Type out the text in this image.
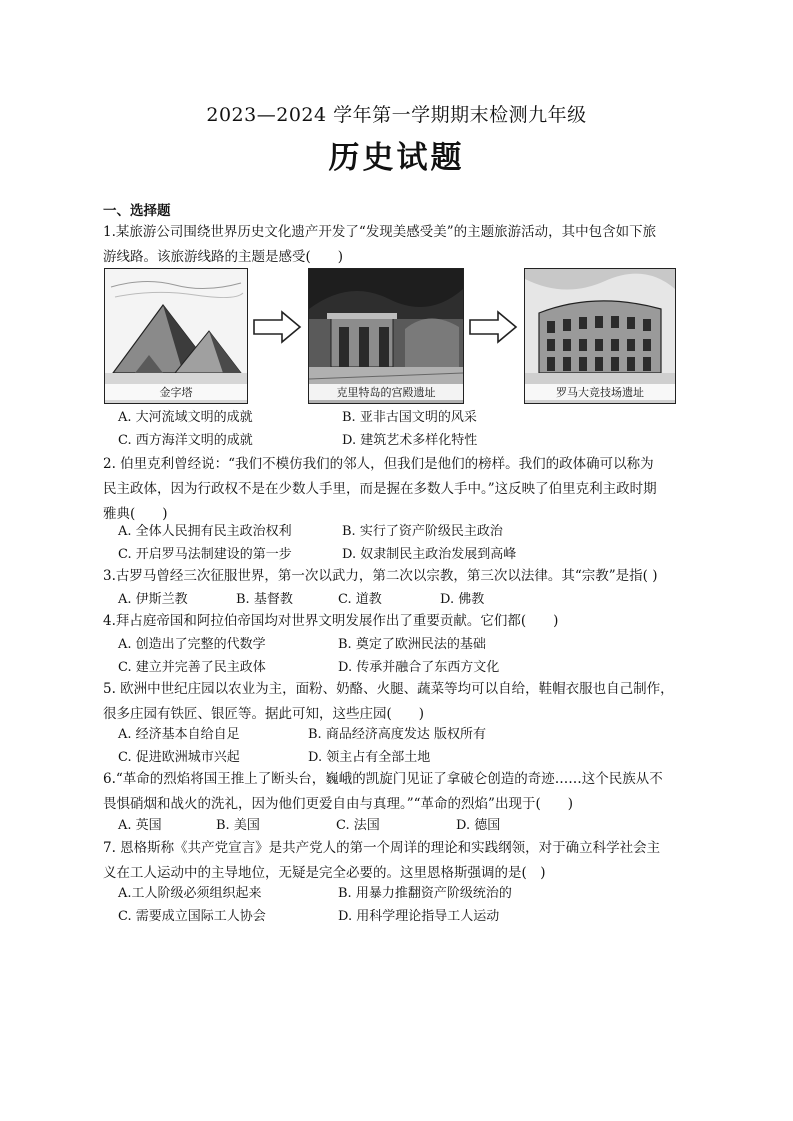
2023—2024 学年第一学期期末检测九年级
历史试题
一、选择题
1.某旅游公司围绕世界历史文化遗产开发了“发现美感受美”的主题旅游活动，其中包含如下旅
游线路。该旅游线路的主题是感受(　　)
金字塔	克里特岛的宫殿遗址	罗马大竞技场遗址
A. 大河流域文明的成就	B. 亚非古国文明的风采
C. 西方海洋文明的成就	D. 建筑艺术多样化特性
2. 伯里克利曾经说：“我们不模仿我们的邻人，但我们是他们的榜样。我们的政体确可以称为
民主政体，因为行政权不是在少数人手里，而是握在多数人手中。”这反映了伯里克利主政时期
雅典(　　)
A. 全体人民拥有民主政治权利	B. 实行了资产阶级民主政治
C. 开启罗马法制建设的第一步	D. 奴隶制民主政治发展到高峰
3.古罗马曾经三次征服世界，第一次以武力，第二次以宗教，第三次以法律。其“宗教”是指( )
A. 伊斯兰教	B. 基督教	C. 道教	D. 佛教
4.拜占庭帝国和阿拉伯帝国均对世界文明发展作出了重要贡献。它们都(　　)
A. 创造出了完整的代数学	B. 奠定了欧洲民法的基础
C. 建立并完善了民主政体	D. 传承并融合了东西方文化
5. 欧洲中世纪庄园以农业为主，面粉、奶酪、火腿、蔬菜等均可以自给，鞋帽衣服也自己制作，
很多庄园有铁匠、银匠等。据此可知，这些庄园(　　)
A. 经济基本自给自足	B. 商品经济高度发达 版权所有
C. 促进欧洲城市兴起	D. 领主占有全部土地
6.“革命的烈焰将国王推上了断头台，巍峨的凯旋门见证了拿破仑创造的奇迹……这个民族从不
畏惧硝烟和战火的洗礼，因为他们更爱自由与真理。”“革命的烈焰”出现于(　　)
A. 英国	B. 美国	C. 法国	D. 德国
7. 恩格斯称《共产党宣言》是共产党人的第一个周详的理论和实践纲领，对于确立科学社会主
义在工人运动中的主导地位，无疑是完全必要的。这里恩格斯强调的是(　)
A.工人阶级必须组织起来	B. 用暴力推翻资产阶级统治的
C. 需要成立国际工人协会	D. 用科学理论指导工人运动
